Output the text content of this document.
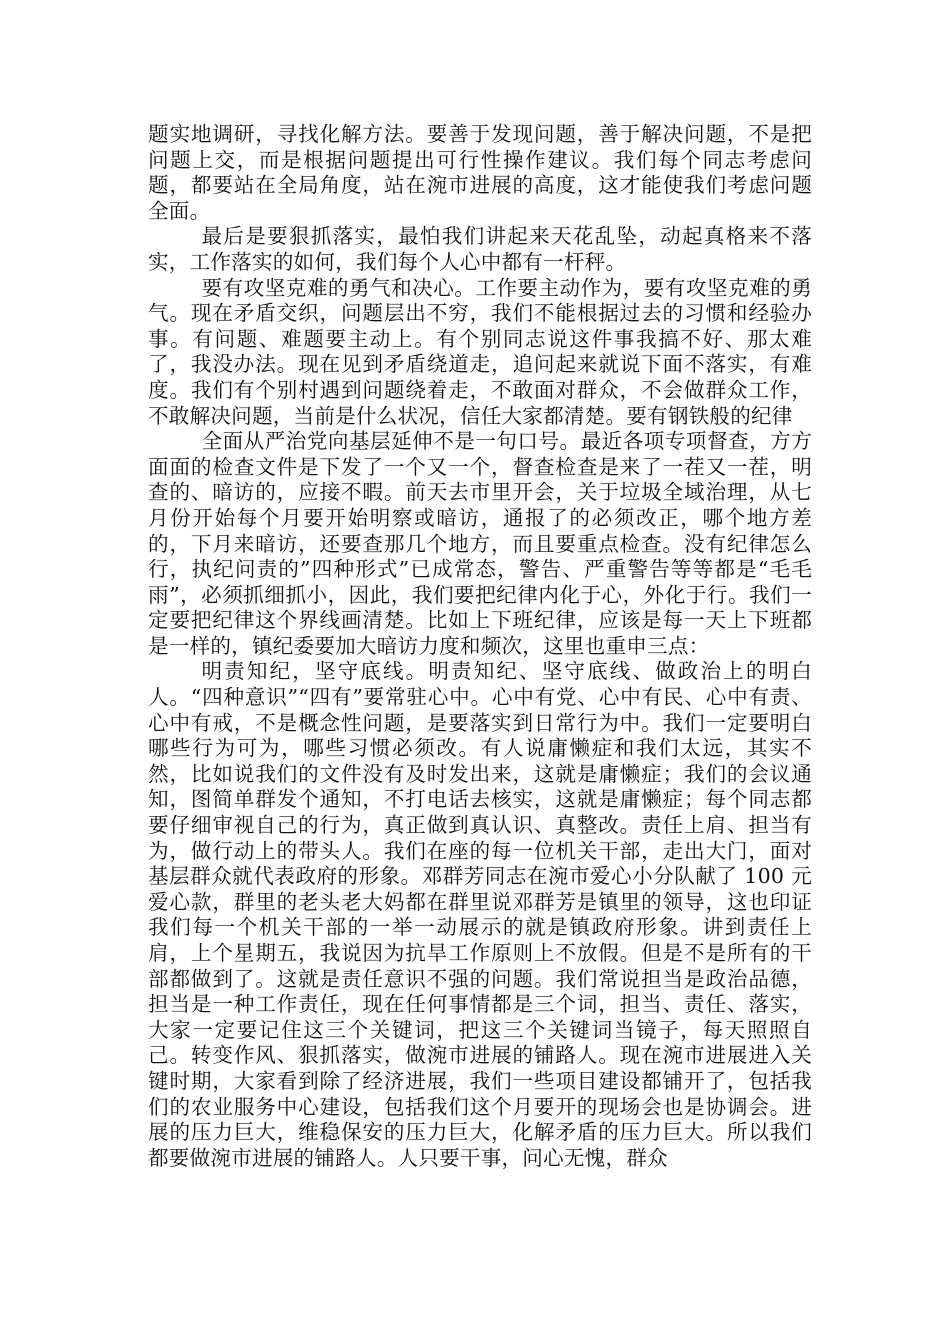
题实地调研，寻找化解方法。要善于发现问题，善于解决问题，不是把问题上交，而是根据问题提出可行性操作建议。我们每个同志考虑问题，都要站在全局角度，站在涴市进展的高度，这才能使我们考虑问题全面。

最后是要狠抓落实，最怕我们讲起来天花乱坠，动起真格来不落实，工作落实的如何，我们每个人心中都有一杆秤。

要有攻坚克难的勇气和决心。工作要主动作为，要有攻坚克难的勇气。现在矛盾交织，问题层出不穷，我们不能根据过去的习惯和经验办事。有问题、难题要主动上。有个别同志说这件事我搞不好、那太难了，我没办法。现在见到矛盾绕道走，追问起来就说下面不落实，有难度。我们有个别村遇到问题绕着走，不敢面对群众，不会做群众工作，不敢解决问题，当前是什么状况，信任大家都清楚。要有钢铁般的纪律

全面从严治党向基层延伸不是一句口号。最近各项专项督查，方方面面的检查文件是下发了一个又一个，督查检查是来了一茬又一茬，明查的、暗访的，应接不暇。前天去市里开会，关于垃圾全域治理，从七月份开始每个月要开始明察或暗访，通报了的必须改正，哪个地方差的，下月来暗访，还要查那几个地方，而且要重点检查。没有纪律怎么行，执纪问责的”四种形式”已成常态，警告、严重警告等等都是“毛毛雨”，必须抓细抓小，因此，我们要把纪律内化于心，外化于行。我们一定要把纪律这个界线画清楚。比如上下班纪律，应该是每一天上下班都是一样的，镇纪委要加大暗访力度和频次，这里也重申三点：

明责知纪，坚守底线。明责知纪、坚守底线、做政治上的明白人。“四种意识”“四有”要常驻心中。心中有党、心中有民、心中有责、心中有戒，不是概念性问题，是要落实到日常行为中。我们一定要明白哪些行为可为，哪些习惯必须改。有人说庸懒症和我们太远，其实不然，比如说我们的文件没有及时发出来，这就是庸懒症；我们的会议通知，图简单群发个通知，不打电话去核实，这就是庸懒症；每个同志都要仔细审视自己的行为，真正做到真认识、真整改。责任上肩、担当有为，做行动上的带头人。我们在座的每一位机关干部，走出大门，面对基层群众就代表政府的形象。邓群芳同志在涴市爱心小分队献了 100 元爱心款，群里的老头老大妈都在群里说邓群芳是镇里的领导，这也印证我们每一个机关干部的一举一动展示的就是镇政府形象。讲到责任上肩，上个星期五，我说因为抗旱工作原则上不放假。但是不是所有的干部都做到了。这就是责任意识不强的问题。我们常说担当是政治品德，担当是一种工作责任，现在任何事情都是三个词，担当、责任、落实，大家一定要记住这三个关键词，把这三个关键词当镜子，每天照照自己。转变作风、狠抓落实，做涴市进展的铺路人。现在涴市进展进入关键时期，大家看到除了经济进展，我们一些项目建设都铺开了，包括我们的农业服务中心建设，包括我们这个月要开的现场会也是协调会。进展的压力巨大，维稳保安的压力巨大，化解矛盾的压力巨大。所以我们都要做涴市进展的铺路人。人只要干事，问心无愧，群众
